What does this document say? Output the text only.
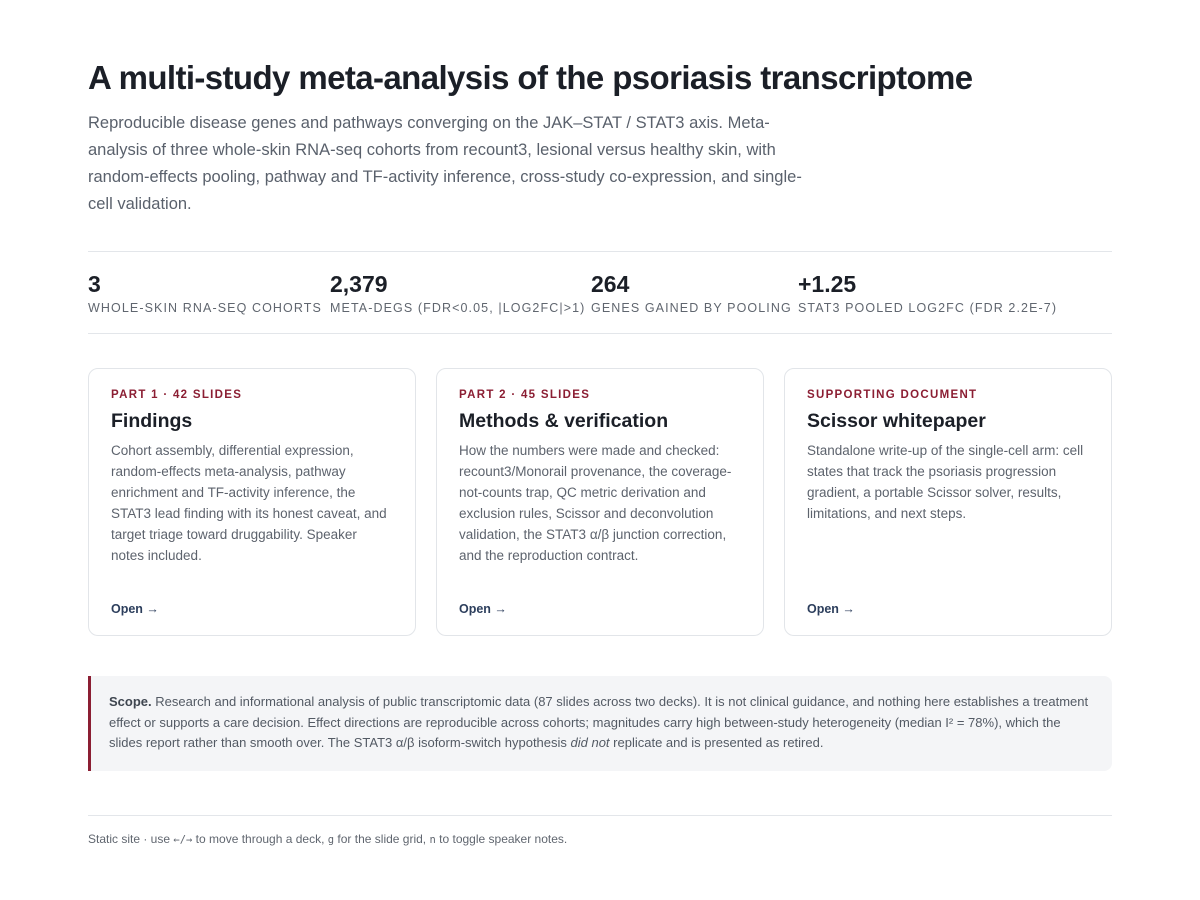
A multi-study meta-analysis of the psoriasis transcriptome

Reproducible disease genes and pathways converging on the JAK–STAT / STAT3 axis. Meta-analysis of three whole-skin RNA-seq cohorts from recount3, lesional versus healthy skin, with random-effects pooling, pathway and TF-activity inference, cross-study co-expression, and single-cell validation.

3
WHOLE-SKIN RNA-SEQ COHORTS
2,379
META-DEGS (FDR<0.05, |LOG2FC|>1)
264
GENES GAINED BY POOLING
+1.25
STAT3 POOLED LOG2FC (FDR 2.2E-7)
PART 1 · 42 SLIDES
Findings
Cohort assembly, differential expression, random-effects meta-analysis, pathway enrichment and TF-activity inference, the STAT3 lead finding with its honest caveat, and target triage toward druggability. Speaker notes included.
Open →
PART 2 · 45 SLIDES
Methods & verification
How the numbers were made and checked: recount3/Monorail provenance, the coverage-not-counts trap, QC metric derivation and exclusion rules, Scissor and deconvolution validation, the STAT3 α/β junction correction, and the reproduction contract.
Open →
SUPPORTING DOCUMENT
Scissor whitepaper
Standalone write-up of the single-cell arm: cell states that track the psoriasis progression gradient, a portable Scissor solver, results, limitations, and next steps.
Open →
Scope. Research and informational analysis of public transcriptomic data (87 slides across two decks). It is not clinical guidance, and nothing here establishes a treatment effect or supports a care decision. Effect directions are reproducible across cohorts; magnitudes carry high between-study heterogeneity (median I² = 78%), which the slides report rather than smooth over. The STAT3 α/β isoform-switch hypothesis did not replicate and is presented as retired.
Static site · use ←/→ to move through a deck, g for the slide grid, n to toggle speaker notes.
